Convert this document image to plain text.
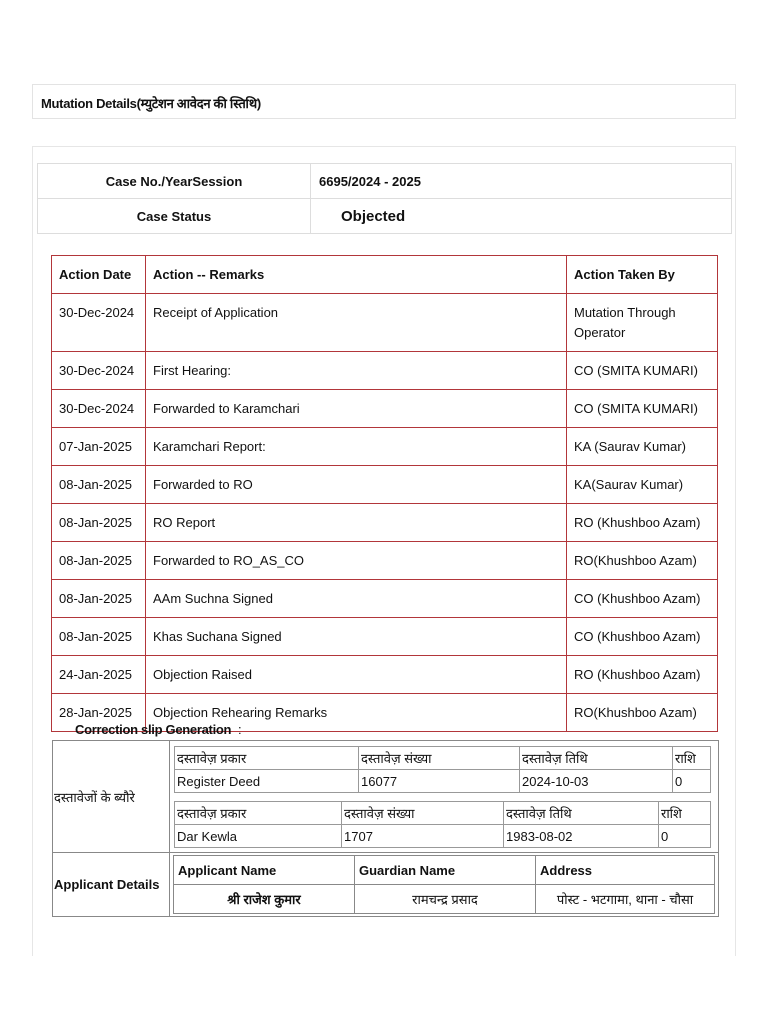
Mutation Details(म्युटेशन आवेदन की स्तिथि)
Case No./YearSession	6695/2024 - 2025
Case Status	Objected
Action Date	Action -- Remarks	Action Taken By
30-Dec-2024	Receipt of Application	Mutation Through Operator
30-Dec-2024	First Hearing:	CO (SMITA KUMARI)
30-Dec-2024	Forwarded to Karamchari	CO (SMITA KUMARI)
07-Jan-2025	Karamchari Report:	KA (Saurav Kumar)
08-Jan-2025	Forwarded to RO	KA(Saurav Kumar)
08-Jan-2025	RO Report	RO (Khushboo Azam)
08-Jan-2025	Forwarded to RO_AS_CO	RO(Khushboo Azam)
08-Jan-2025	AAm Suchna Signed	CO (Khushboo Azam)
08-Jan-2025	Khas Suchana Signed	CO (Khushboo Azam)
24-Jan-2025	Objection Raised	RO (Khushboo Azam)
28-Jan-2025	Objection Rehearing Remarks	RO(Khushboo Azam)
Correction slip Generation :
दस्तावेजों के ब्यौरे	
दस्तावेज़ प्रकार	दस्तावेज़ संख्या	दस्तावेज़ तिथि	राशि
Register Deed	16077	2024-10-03	0
दस्तावेज़ प्रकार	दस्तावेज़ संख्या	दस्तावेज़ तिथि	राशि
Dar Kewla	1707	1983-08-02	0

Applicant Details	
Applicant Name	Guardian Name	Address
श्री राजेश कुमार	रामचन्द्र प्रसाद	पोस्ट - भटगामा, थाना - चौसा
